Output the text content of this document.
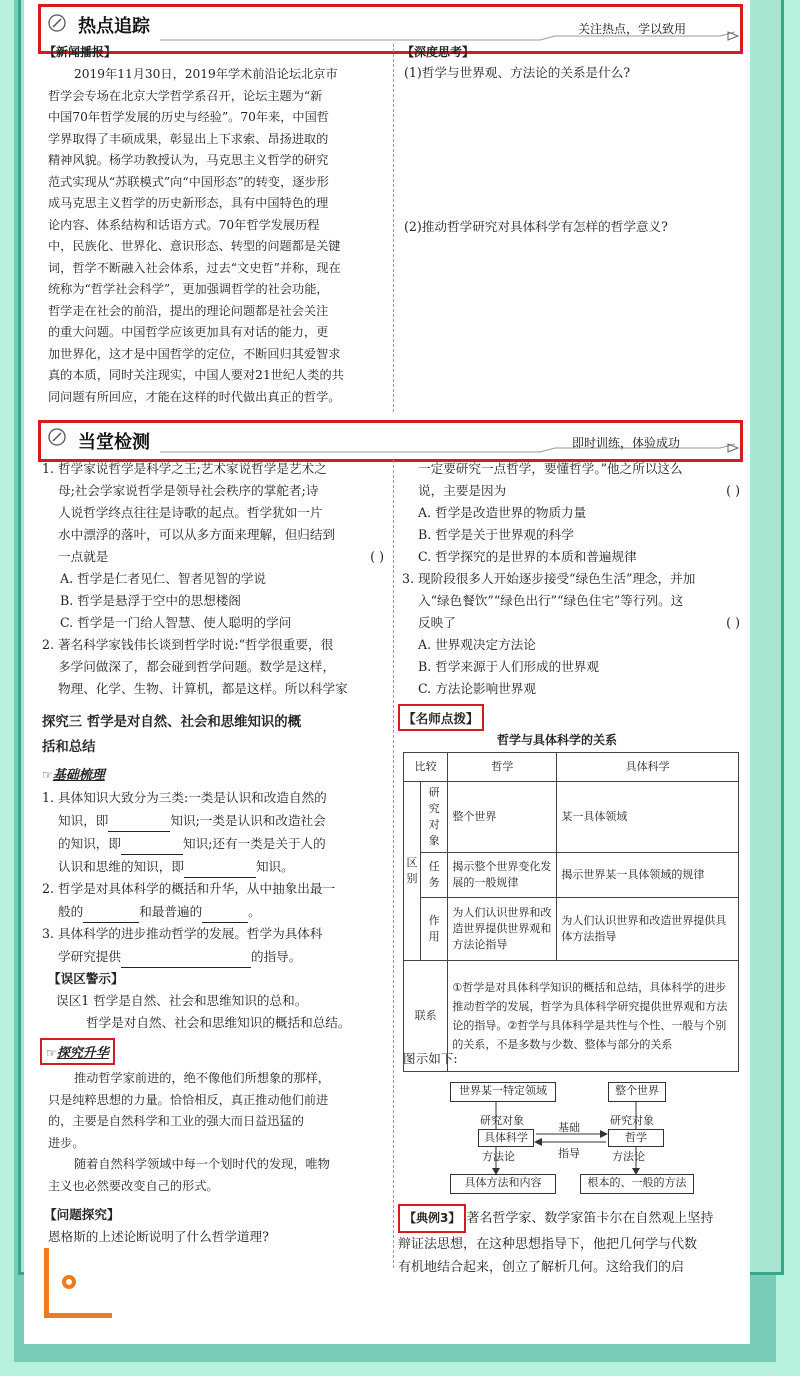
热点追踪	关注热点，学以致用
【新闻播报】

2019年11月30日，2019年学术前沿论坛北京市

哲学会专场在北京大学哲学系召开，论坛主题为“新

中国70年哲学发展的历史与经验”。70年来，中国哲

学界取得了丰硕成果，彰显出上下求索、昂扬进取的

精神风貌。杨学功教授认为，马克思主义哲学的研究

范式实现从“苏联模式”向“中国形态”的转变，逐步形

成马克思主义哲学的历史新形态，具有中国特色的理

论内容、体系结构和话语方式。70年哲学发展历程

中，民族化、世界化、意识形态、转型的问题都是关键

词，哲学不断融入社会体系，过去“文史哲”并称，现在

统称为“哲学社会科学”，更加强调哲学的社会功能，

哲学走在社会的前沿，提出的理论问题都是社会关注

的重大问题。中国哲学应该更加具有对话的能力，更

加世界化，这才是中国哲学的定位，不断回归其爱智求

真的本质，同时关注现实，中国人要对21世纪人类的共

同问题有所回应，才能在这样的时代做出真正的哲学。

【深度思考】

(1)哲学与世界观、方法论的关系是什么?

(2)推动哲学研究对具体科学有怎样的哲学意义?

当堂检测	即时训练，体验成功

1. 哲学家说哲学是科学之王;艺术家说哲学是艺术之

母;社会学家说哲学是领导社会秩序的掌舵者;诗

人说哲学终点往往是诗歌的起点。哲学犹如一片

水中漂浮的落叶，可以从多方面来理解，但归结到

一点就是	( )

A. 哲学是仁者见仁、智者见智的学说

B. 哲学是悬浮于空中的思想楼阁

C. 哲学是一门给人智慧、使人聪明的学问

2. 著名科学家钱伟长谈到哲学时说:“哲学很重要，很

多学问做深了，都会碰到哲学问题。数学是这样，

物理、化学、生物、计算机，都是这样。所以科学家

一定要研究一点哲学，要懂哲学。”他之所以这么

说，主要是因为	( )

A. 哲学是改造世界的物质力量

B. 哲学是关于世界观的科学

C. 哲学探究的是世界的本质和普遍规律

3. 现阶段很多人开始逐步接受“绿色生活”理念，并加

入“绿色餐饮”“绿色出行”“绿色住宅”等行列。这

反映了	( )

A. 世界观决定方法论

B. 哲学来源于人们形成的世界观

C. 方法论影响世界观

探究三 哲学是对自然、社会和思维知识的概

括和总结

☞基础梳理

1. 具体知识大致分为三类:一类是认识和改造自然的

知识，即	知识;一类是认识和改造社会

的知识，即	知识;还有一类是关于人的

认识和思维的知识，即	知识。

2. 哲学是对具体科学的概括和升华，从中抽象出最一

般的	和最普遍的	。

3. 具体科学的进步推动哲学的发展。哲学为具体科

学研究提供	的指导。

【误区警示】

误区1 哲学是自然、社会和思维知识的总和。

哲学是对自然、社会和思维知识的概括和总结。

☞探究升华

推动哲学家前进的，绝不像他们所想象的那样，

只是纯粹思想的力量。恰恰相反，真正推动他们前进

的，主要是自然科学和工业的强大而日益迅猛的

进步。

随着自然科学领域中每一个划时代的发现，唯物

主义也必然要改变自己的形式。

【问题探究】

恩格斯的上述论断说明了什么哲学道理?

【名师点拨】

哲学与具体科学的关系

比较		哲学	具体科学
区别	研究对象	整个世界	某一具体领域
	任务	揭示整个世界变化发展的一般规律	揭示世界某一具体领域的规律
	作用	为人们认识世界和改造世界提供世界观和方法论指导	为人们认识世界和改造世界提供具体方法指导
联系		①哲学是对具体科学知识的概括和总结，具体科学的进步推动哲学的发展，哲学为具体科学研究提供世界观和方法论的指导。②哲学与具体科学是共性与个性、一般与个别的关系，不是多数与少数、整体与部分的关系	

图示如下:

世界某一特定领域	整个世界
研究对象	研究对象
具体科学	哲学
基础
指导
方法论	方法论
具体方法和内容	根本的、一般的方法

【典例3】 著名哲学家、数学家笛卡尔在自然观上坚持

辩证法思想，在这种思想指导下，他把几何学与代数

有机地结合起来，创立了解析几何。这给我们的启
